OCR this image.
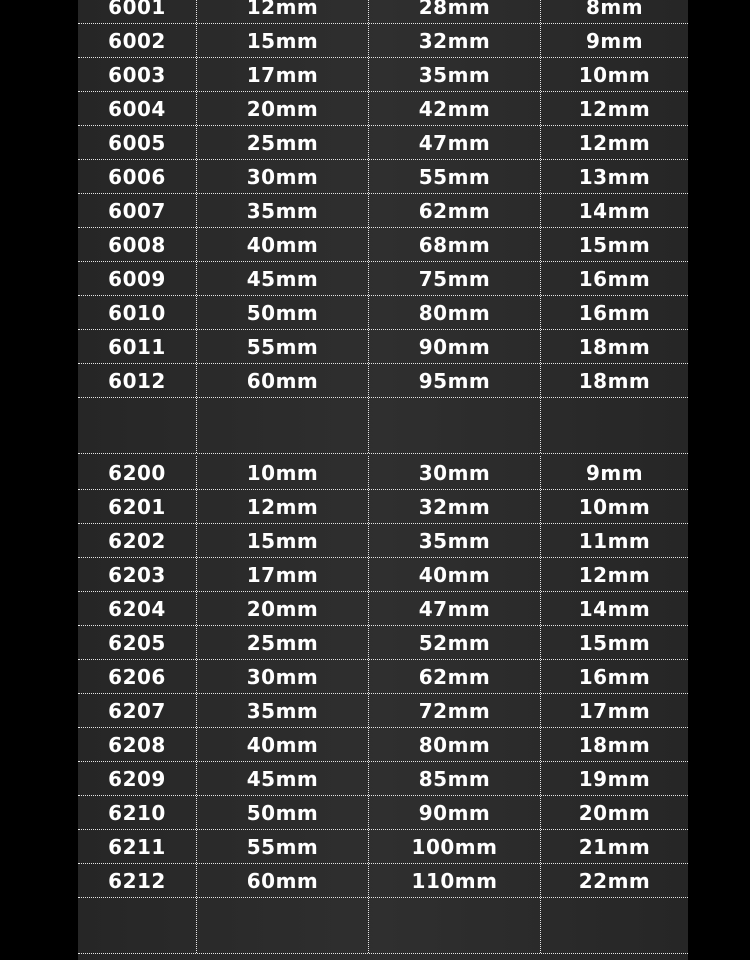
6001	12mm	28mm	8mm
6002	15mm	32mm	9mm
6003	17mm	35mm	10mm
6004	20mm	42mm	12mm
6005	25mm	47mm	12mm
6006	30mm	55mm	13mm
6007	35mm	62mm	14mm
6008	40mm	68mm	15mm
6009	45mm	75mm	16mm
6010	50mm	80mm	16mm
6011	55mm	90mm	18mm
6012	60mm	95mm	18mm
6200	10mm	30mm	9mm
6201	12mm	32mm	10mm
6202	15mm	35mm	11mm
6203	17mm	40mm	12mm
6204	20mm	47mm	14mm
6205	25mm	52mm	15mm
6206	30mm	62mm	16mm
6207	35mm	72mm	17mm
6208	40mm	80mm	18mm
6209	45mm	85mm	19mm
6210	50mm	90mm	20mm
6211	55mm	100mm	21mm
6212	60mm	110mm	22mm
